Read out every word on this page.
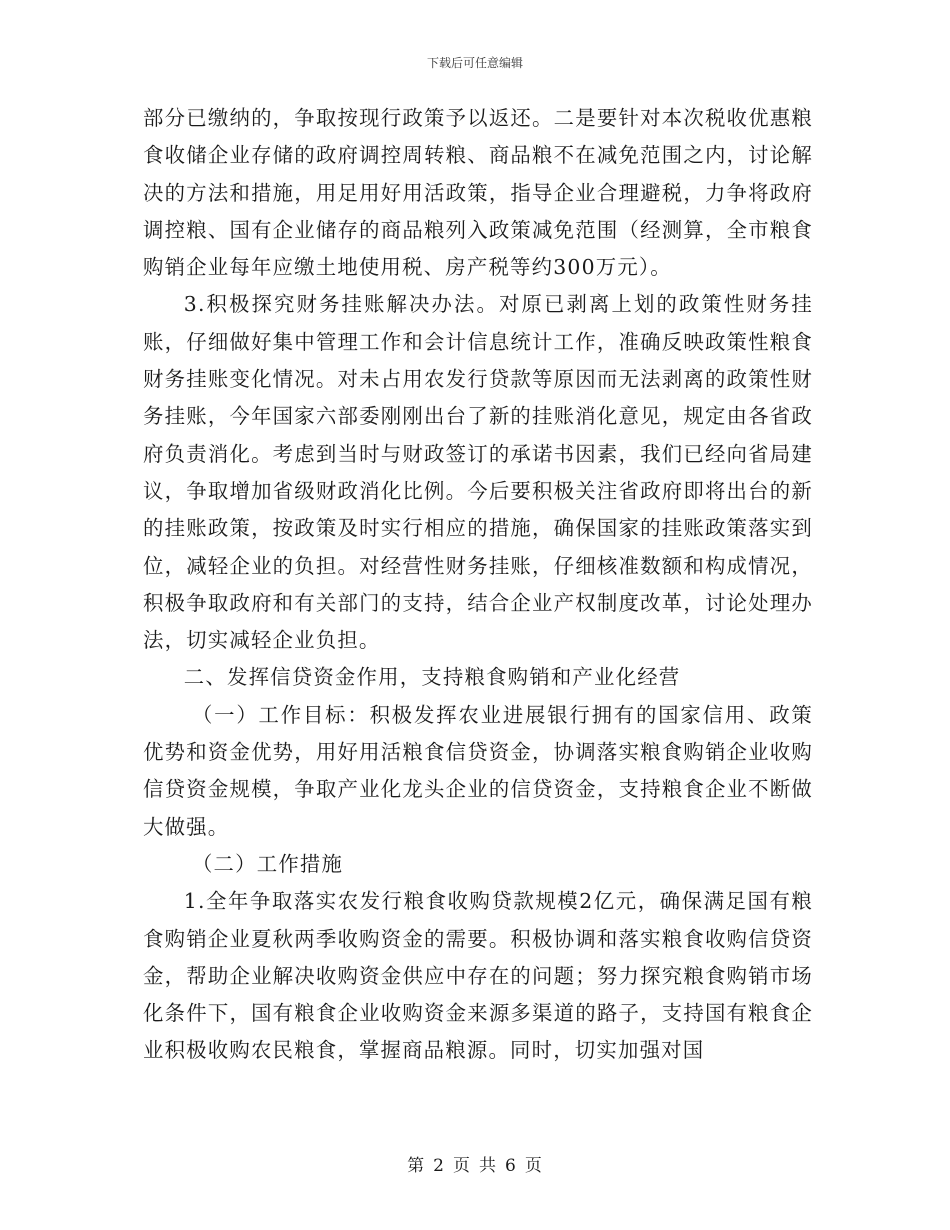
下载后可任意编辑

部分已缴纳的，争取按现行政策予以返还。二是要针对本次税收优惠粮食收储企业存储的政府调控周转粮、商品粮不在减免范围之内，讨论解决的方法和措施，用足用好用活政策，指导企业合理避税，力争将政府调控粮、国有企业储存的商品粮列入政策减免范围（经测算，全市粮食购销企业每年应缴土地使用税、房产税等约300万元）。

3.积极探究财务挂账解决办法。对原已剥离上划的政策性财务挂账，仔细做好集中管理工作和会计信息统计工作，准确反映政策性粮食财务挂账变化情况。对未占用农发行贷款等原因而无法剥离的政策性财务挂账，今年国家六部委刚刚出台了新的挂账消化意见，规定由各省政府负责消化。考虑到当时与财政签订的承诺书因素，我们已经向省局建议，争取增加省级财政消化比例。今后要积极关注省政府即将出台的新的挂账政策，按政策及时实行相应的措施，确保国家的挂账政策落实到位，减轻企业的负担。对经营性财务挂账，仔细核准数额和构成情况，积极争取政府和有关部门的支持，结合企业产权制度改革，讨论处理办法，切实减轻企业负担。

二、发挥信贷资金作用，支持粮食购销和产业化经营

（一）工作目标：积极发挥农业进展银行拥有的国家信用、政策优势和资金优势，用好用活粮食信贷资金，协调落实粮食购销企业收购信贷资金规模，争取产业化龙头企业的信贷资金，支持粮食企业不断做大做强。

（二）工作措施

1.全年争取落实农发行粮食收购贷款规模2亿元，确保满足国有粮食购销企业夏秋两季收购资金的需要。积极协调和落实粮食收购信贷资金，帮助企业解决收购资金供应中存在的问题；努力探究粮食购销市场化条件下，国有粮食企业收购资金来源多渠道的路子，支持国有粮食企业积极收购农民粮食，掌握商品粮源。同时，切实加强对国

第 2 页 共 6 页
